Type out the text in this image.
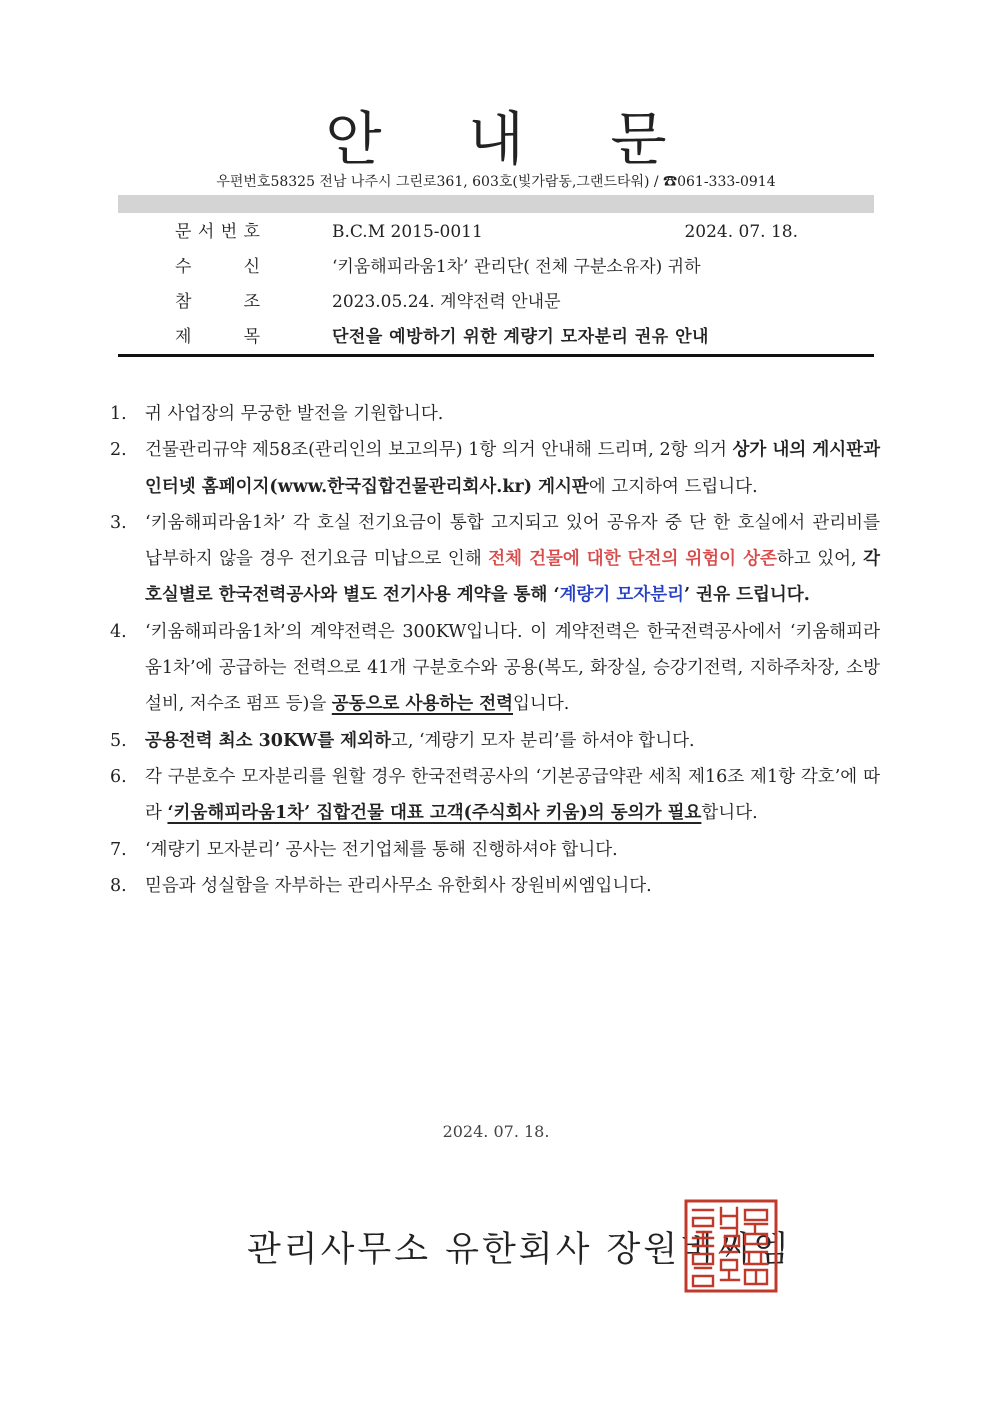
안 내 문
우편번호58325 전남 나주시 그린로361, 603호(빛가람동,그랜드타워) / ☎061-333-0914
문 서 번 호	B.C.M 2015-0011	2024. 07. 18.
수	신	‘키움해피라움1차’ 관리단( 전체 구분소유자) 귀하
참	조	2023.05.24. 계약전력 안내문
제	목	단전을 예방하기 위한 계량기 모자분리 권유 안내
1. 귀 사업장의 무궁한 발전을 기원합니다.
2. 건물관리규약 제58조(관리인의 보고의무) 1항 의거 안내해 드리며, 2항 의거 상가 내의 게시판과 인터넷 홈페이지(www.한국집합건물관리회사.kr) 게시판에 고지하여 드립니다.
3. ‘키움해피라움1차’ 각 호실 전기요금이 통합 고지되고 있어 공유자 중 단 한 호실에서 관리비를 납부하지 않을 경우 전기요금 미납으로 인해 전체 건물에 대한 단전의 위험이 상존하고 있어, 각 호실별로 한국전력공사와 별도 전기사용 계약을 통해 ‘계량기 모자분리’ 권유 드립니다.
4. ‘키움해피라움1차’의 계약전력은 300KW입니다. 이 계약전력은 한국전력공사에서 ‘키움해피라움1차’에 공급하는 전력으로 41개 구분호수와 공용(복도, 화장실, 승강기전력, 지하주차장, 소방설비, 저수조 펌프 등)을 공동으로 사용하는 전력입니다.
5. 공용전력 최소 30KW를 제외하고, ‘계량기 모자 분리’를 하셔야 합니다.
6. 각 구분호수 모자분리를 원할 경우 한국전력공사의 ‘기본공급약관 세칙 제16조 제1항 각호’에 따라 ‘키움해피라움1차’ 집합건물 대표 고객(주식회사 키움)의 동의가 필요합니다.
7. ‘계량기 모자분리’ 공사는 전기업체를 통해 진행하셔야 합니다.
8. 믿음과 성실함을 자부하는 관리사무소 유한회사 장원비씨엠입니다.
2024. 07. 18.
관리사무소 유한회사 장원비씨엠
